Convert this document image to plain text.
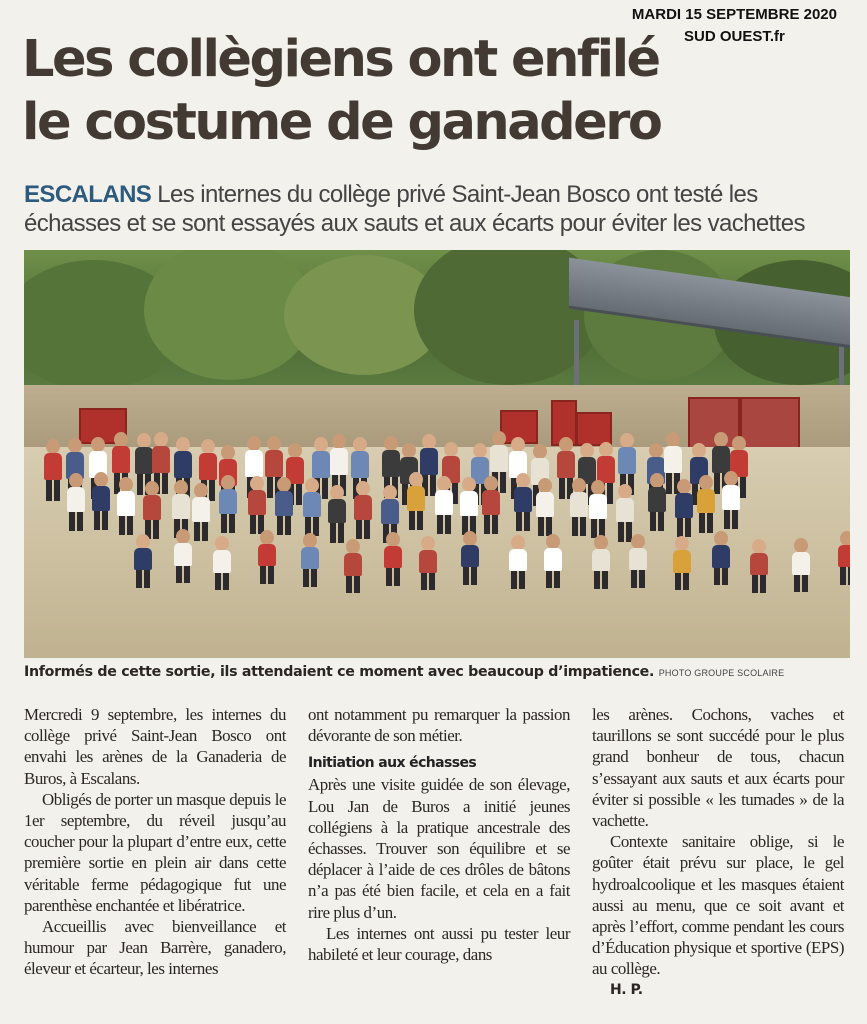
MARDI 15 SEPTEMBRE 2020
SUD OUEST.fr
Les collègiens ont enfilé
le costume de ganadero
ESCALANS Les internes du collège privé Saint-Jean Bosco ont testé les échasses et se sont essayés aux sauts et aux écarts pour éviter les vachettes
Informés de cette sortie, ils attendaient ce moment avec beaucoup d’impatience. PHOTO GROUPE SCOLAIRE

Mercredi 9 septembre, les internes du collège privé Saint-Jean Bosco ont envahi les arènes de la Ganaderia de Buros, à Escalans.

Obligés de porter un masque depuis le 1er septembre, du réveil jusqu’au coucher pour la plupart d’entre eux, cette première sortie en plein air dans cette véritable ferme pédagogique fut une parenthèse enchantée et libératrice.

Accueillis avec bienveillance et humour par Jean Barrère, ganadero, éleveur et écarteur, les internes

ont notamment pu remarquer la passion dévorante de son métier.

Initiation aux échasses

Après une visite guidée de son élevage, Lou Jan de Buros a initié jeunes collégiens à la pratique ancestrale des échasses. Trouver son équilibre et se déplacer à l’aide de ces drôles de bâtons n’a pas été bien facile, et cela en a fait rire plus d’un.

Les internes ont aussi pu tester leur habileté et leur courage, dans

les arènes. Cochons, vaches et taurillons se sont succédé pour le plus grand bonheur de tous, chacun s’essayant aux sauts et aux écarts pour éviter si possible « les tumades » de la vachette.

Contexte sanitaire oblige, si le goûter était prévu sur place, le gel hydroalcoolique et les masques étaient aussi au menu, que ce soit avant et après l’effort, comme pendant les cours d’Éducation physique et sportive (EPS) au collège.

H. P.
